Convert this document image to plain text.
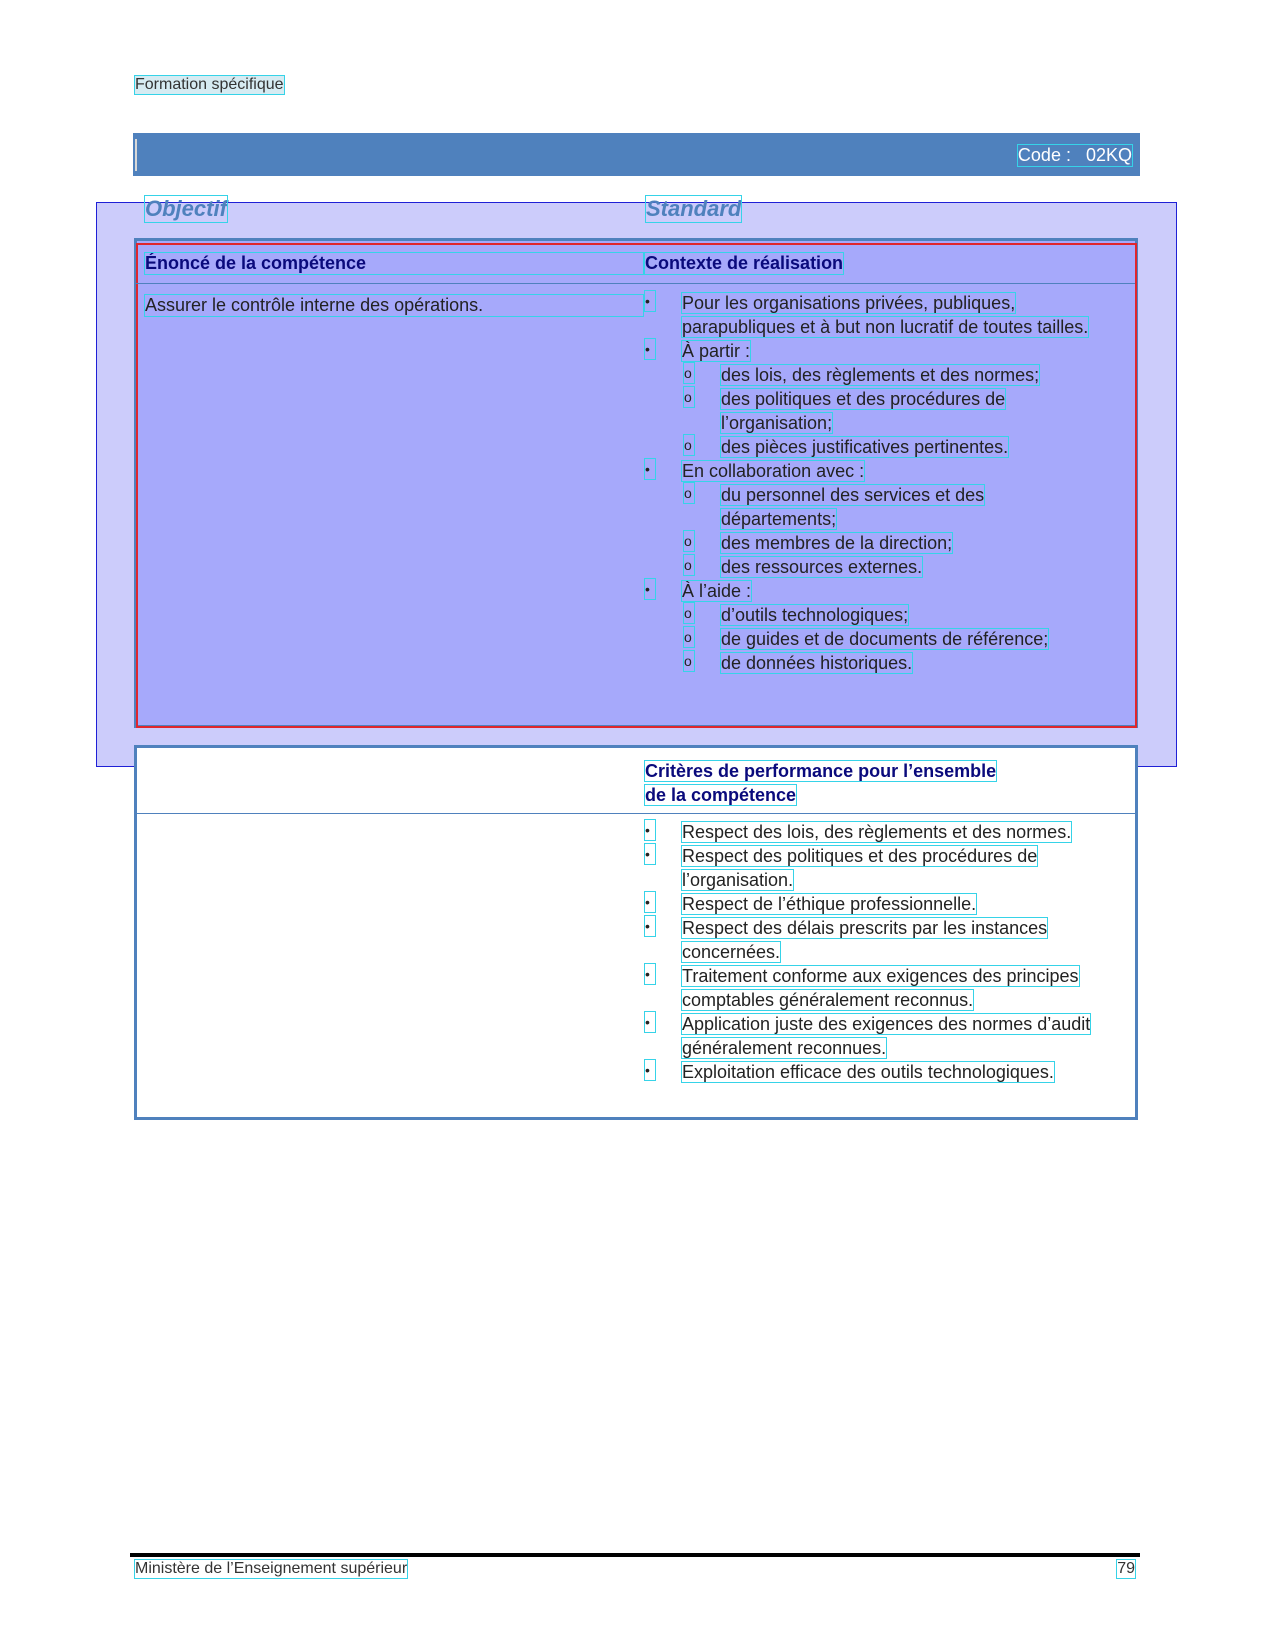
Formation spécifique
Code :   02KQ
Objectif	Standard
Énoncé de la compétence	Contexte de réalisation
Assurer le contrôle interne des opérations.	• Pour les organisations privées, publiques, parapubliques et à but non lucratif de toutes tailles.
• À partir :
o des lois, des règlements et des normes;
o des politiques et des procédures de l’organisation;
o des pièces justificatives pertinentes.
• En collaboration avec :
o du personnel des services et des départements;
o des membres de la direction;
o des ressources externes.
• À l’aide :
o d’outils technologiques;
o de guides et de documents de référence;
o de données historiques.
Critères de performance pour l’ensemble
de la compétence
• Respect des lois, des règlements et des normes.
• Respect des politiques et des procédures de l’organisation.
• Respect de l’éthique professionnelle.
• Respect des délais prescrits par les instances concernées.
• Traitement conforme aux exigences des principes comptables généralement reconnus.
• Application juste des exigences des normes d’audit généralement reconnues.
• Exploitation efficace des outils technologiques.
Ministère de l’Enseignement supérieur	79
